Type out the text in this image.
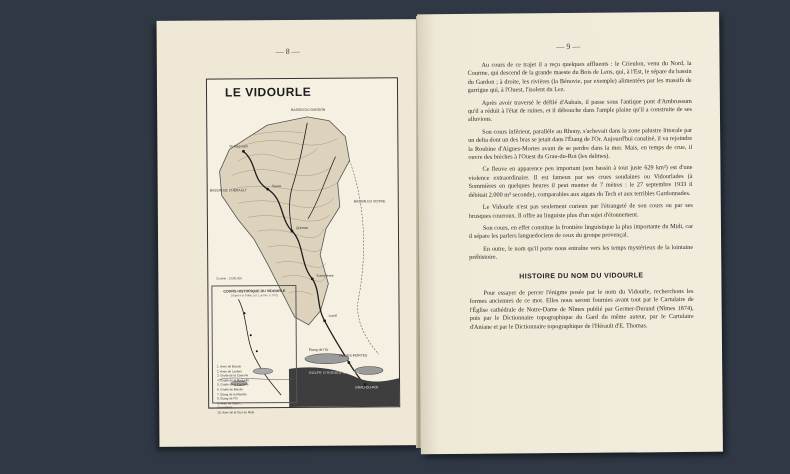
— 8 —
LE VIDOURLE
BASSIN DU GARDON
BASSIN DE L'HÉRAULT
BASSIN DU VISTRE
Étang de l'Or
Lunel
Sommières
Quissac
St-Hippolyte
Sauve
AIGUES-MORTES
GRAU-DU-ROI
GOLFE D'AIGUES-MORTES
Échelle : 1/600.000
A. M.
COURS HISTORIQUE DU VIDOURLE
(d'après la Gallia, Éd. Lacroix, p. 272)
1. Aven de Boucle
2. Aven de Loubier
3. Grotte de la Caverne
4. Grotte de la Roquette
5. Grotte de la Fontaine
6. Grotte de Bloutin
7. Étang de la Marette
8. Étang de l'Or
9. Aven de Saint-...
Grand Bois
10. Aven de la Tour du Mole
— 9 —

Au cours de ce trajet il a reçu quelques affluents : le Crieulon, venu du Nord, la Courme, qui descend de la grande maeste du Bois de Lens, qui, à l'Est, le sépare du bassin du Gardon ; à droite, les rivières (la Bénovie, par exemple) alimentées par les massifs de garrigue qui, à l'Ouest, l'isolent du Lez.

Après avoir traversé le défilé d'Aubais, il passe sous l'antique pont d'Ambrussum qu'il a réduit à l'état de ruines, et il débouche dans l'ample plaine qu'il a construite de ses alluvions.

Son cours inférieur, parallèle au Rhony, s'achevait dans la zone palustre littorale par un delta dont un des bras se jetait dans l'Étang de l'Or. Aujourd'hui canalisé, il va rejoindre la Roubine d'Aigues-Mortes avant de se perdre dans la mer. Mais, en temps de crue, il ouvre des brèches à l'Ouest du Grau-du-Roi (les dalmes).

Ce fleuve en apparence peu important (son bassin à tout juste 629 km²) est d'une violence extraordinaire. Il est fameux par ses crues soudaines ou Vidourlades (à Sommières en quelques heures il peut monter de 7 mètres : le 27 septembre 1933 il débitait 2.000 m³ seconde), comparables aux aigats du Tech et aux terribles Gardonnades.

Le Vidourle n'est pas seulement curieux par l'étrangeté de son cours ou par ses brusques courroux. Il offre au linguiste plus d'un sujet d'étonnement.

Son cours, en effet constitue la frontière linguistique la plus importante du Midi, car il sépare les parlers languedociens de ceux du groupe provençal.

En outre, le nom qu'il porte nous entraîne vers les temps mystérieux de la lointaine préhistoire.

HISTOIRE DU NOM DU VIDOURLE

Pour essayer de percer l'énigme posée par le nom du Vidourle, recherchons les formes anciennes de ce mot. Elles nous seront fournies avant tout par le Cartulaire de l'Église cathédrale de Notre-Dame de Nîmes publié par Germer-Durand (Nîmes 1874), puis par le Dictionnaire topographique du Gard du même auteur, par le Cartulaire d'Aniane et par le Dictionnaire topographique de l'Hérault d'E. Thomas.
